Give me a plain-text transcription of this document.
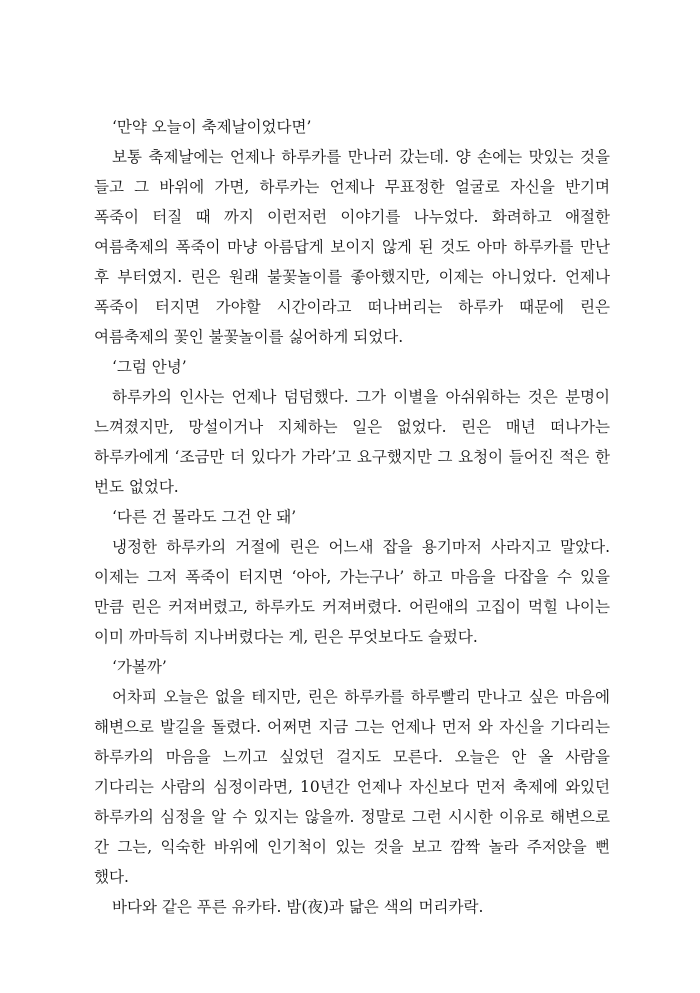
‘만약 오늘이 축제날이었다면’

보통 축제날에는 언제나 하루카를 만나러 갔는데. 양 손에는 맛있는 것을 들고 그 바위에 가면, 하루카는 언제나 무표정한 얼굴로 자신을 반기며 폭죽이 터질 때 까지 이런저런 이야기를 나누었다. 화려하고 애절한 여름축제의 폭죽이 마냥 아름답게 보이지 않게 된 것도 아마 하루카를 만난 후 부터였지. 린은 원래 불꽃놀이를 좋아했지만, 이제는 아니었다. 언제나 폭죽이 터지면 가야할 시간이라고 떠나버리는 하루카 때문에 린은 여름축제의 꽃인 불꽃놀이를 싫어하게 되었다.

‘그럼 안녕’

하루카의 인사는 언제나 덤덤했다. 그가 이별을 아쉬워하는 것은 분명이 느껴졌지만, 망설이거나 지체하는 일은 없었다. 린은 매년 떠나가는 하루카에게 ‘조금만 더 있다가 가라’고 요구했지만 그 요청이 들어진 적은 한 번도 없었다.

‘다른 건 몰라도 그건 안 돼’

냉정한 하루카의 거절에 린은 어느새 잡을 용기마저 사라지고 말았다. 이제는 그저 폭죽이 터지면 ‘아아, 가는구나’ 하고 마음을 다잡을 수 있을 만큼 린은 커져버렸고, 하루카도 커져버렸다. 어린애의 고집이 먹힐 나이는 이미 까마득히 지나버렸다는 게, 린은 무엇보다도 슬펐다.

‘가볼까’

어차피 오늘은 없을 테지만, 린은 하루카를 하루빨리 만나고 싶은 마음에 해변으로 발길을 돌렸다. 어쩌면 지금 그는 언제나 먼저 와 자신을 기다리는 하루카의 마음을 느끼고 싶었던 걸지도 모른다. 오늘은 안 올 사람을 기다리는 사람의 심정이라면, 10년간 언제나 자신보다 먼저 축제에 와있던 하루카의 심정을 알 수 있지는 않을까. 정말로 그런 시시한 이유로 해변으로 간 그는, 익숙한 바위에 인기척이 있는 것을 보고 깜짝 놀라 주저앉을 뻔 했다.

바다와 같은 푸른 유카타. 밤(夜)과 닮은 색의 머리카락.
